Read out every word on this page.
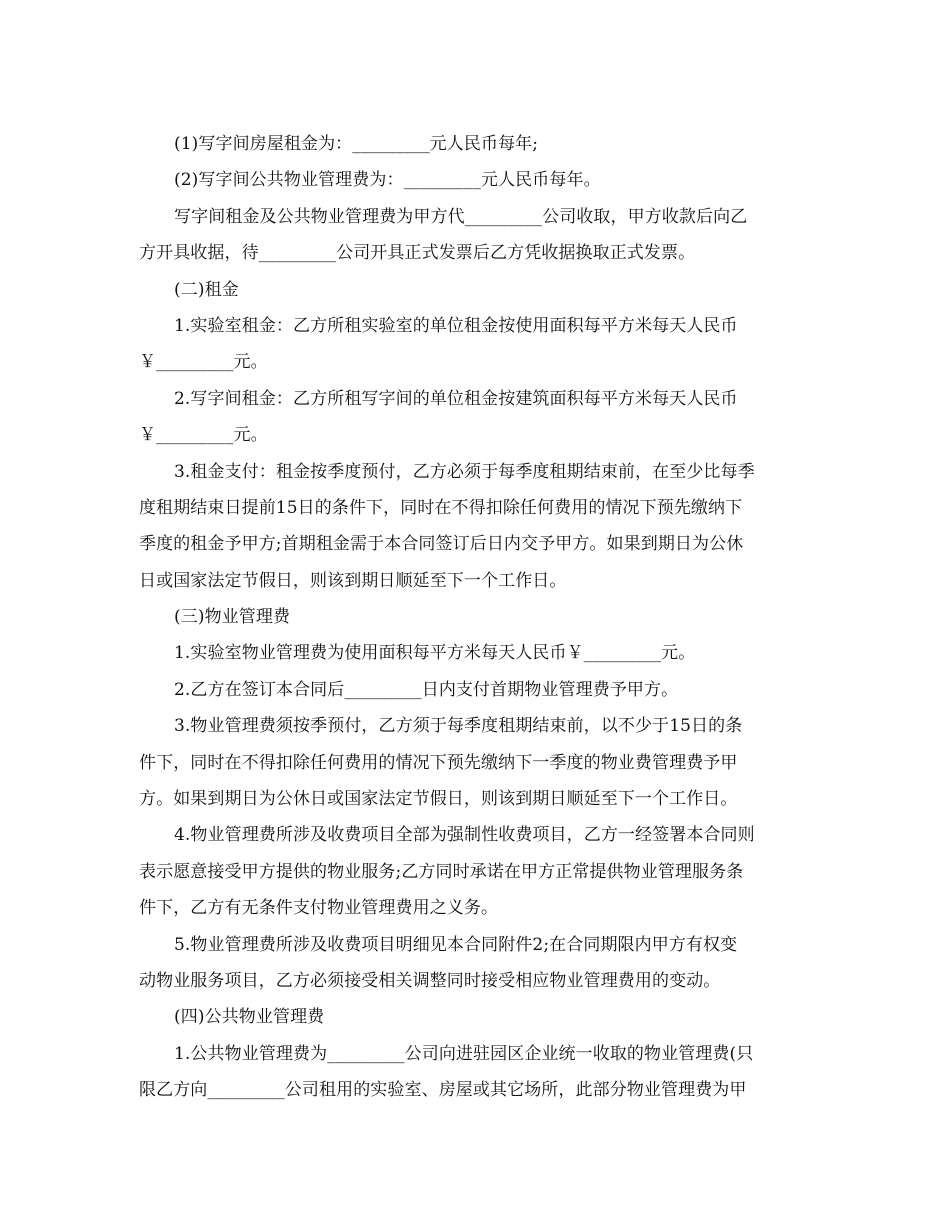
(1)写字间房屋租金为：_________元人民币每年;
(2)写字间公共物业管理费为：_________元人民币每年。
写字间租金及公共物业管理费为甲方代_________公司收取，甲方收款后向乙
方开具收据，待_________公司开具正式发票后乙方凭收据换取正式发票。
(二)租金
1.实验室租金：乙方所租实验室的单位租金按使用面积每平方米每天人民币
￥_________元。
2.写字间租金：乙方所租写字间的单位租金按建筑面积每平方米每天人民币
￥_________元。
3.租金支付：租金按季度预付，乙方必须于每季度租期结束前，在至少比每季
度租期结束日提前15日的条件下，同时在不得扣除任何费用的情况下预先缴纳下
季度的租金予甲方;首期租金需于本合同签订后日内交予甲方。如果到期日为公休
日或国家法定节假日，则该到期日顺延至下一个工作日。
(三)物业管理费
1.实验室物业管理费为使用面积每平方米每天人民币￥_________元。
2.乙方在签订本合同后_________日内支付首期物业管理费予甲方。
3.物业管理费须按季预付，乙方须于每季度租期结束前，以不少于15日的条
件下，同时在不得扣除任何费用的情况下预先缴纳下一季度的物业费管理费予甲
方。如果到期日为公休日或国家法定节假日，则该到期日顺延至下一个工作日。
4.物业管理费所涉及收费项目全部为强制性收费项目，乙方一经签署本合同则
表示愿意接受甲方提供的物业服务;乙方同时承诺在甲方正常提供物业管理服务条
件下，乙方有无条件支付物业管理费用之义务。
5.物业管理费所涉及收费项目明细见本合同附件2;在合同期限内甲方有权变
动物业服务项目，乙方必须接受相关调整同时接受相应物业管理费用的变动。
(四)公共物业管理费
1.公共物业管理费为_________公司向进驻园区企业统一收取的物业管理费(只
限乙方向_________公司租用的实验室、房屋或其它场所，此部分物业管理费为甲
